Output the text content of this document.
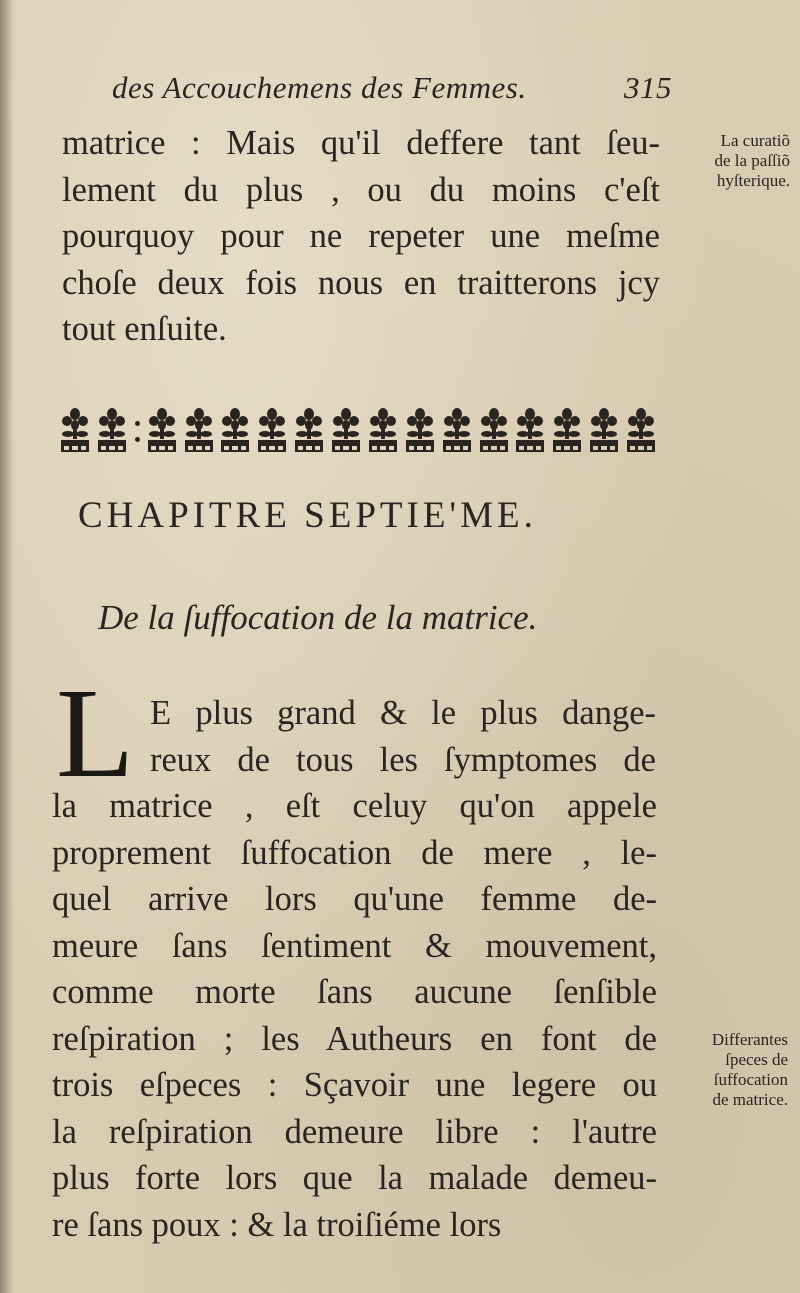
des Accouchemens des Femmes.	315
matrice : Mais qu'il deffere tant ſeu-
lement du plus , ou du moins c'eſt
pourquoy pour ne repeter une meſme
choſe deux fois nous en traitterons jcy
tout enſuite.
La curatiõ
de la paſſiõ
hyſterique.
CHAPITRE SEPTIE'ME.
De la ſuffocation de la matrice.
L E plus grand & le plus dange-
reux de tous les ſymptomes de
la matrice , eſt celuy qu'on appele
proprement ſuffocation de mere , le-
quel arrive lors qu'une femme de-
meure ſans ſentiment & mouvement,
comme morte ſans aucune ſenſible
reſpiration ; les Autheurs en font de
trois eſpeces : Sçavoir une legere ou
la reſpiration demeure libre : l'autre
plus forte lors que la malade demeu-
re ſans poux : & la troiſiéme lors
Differantes
ſpeces de
ſuffocation
de matrice.
